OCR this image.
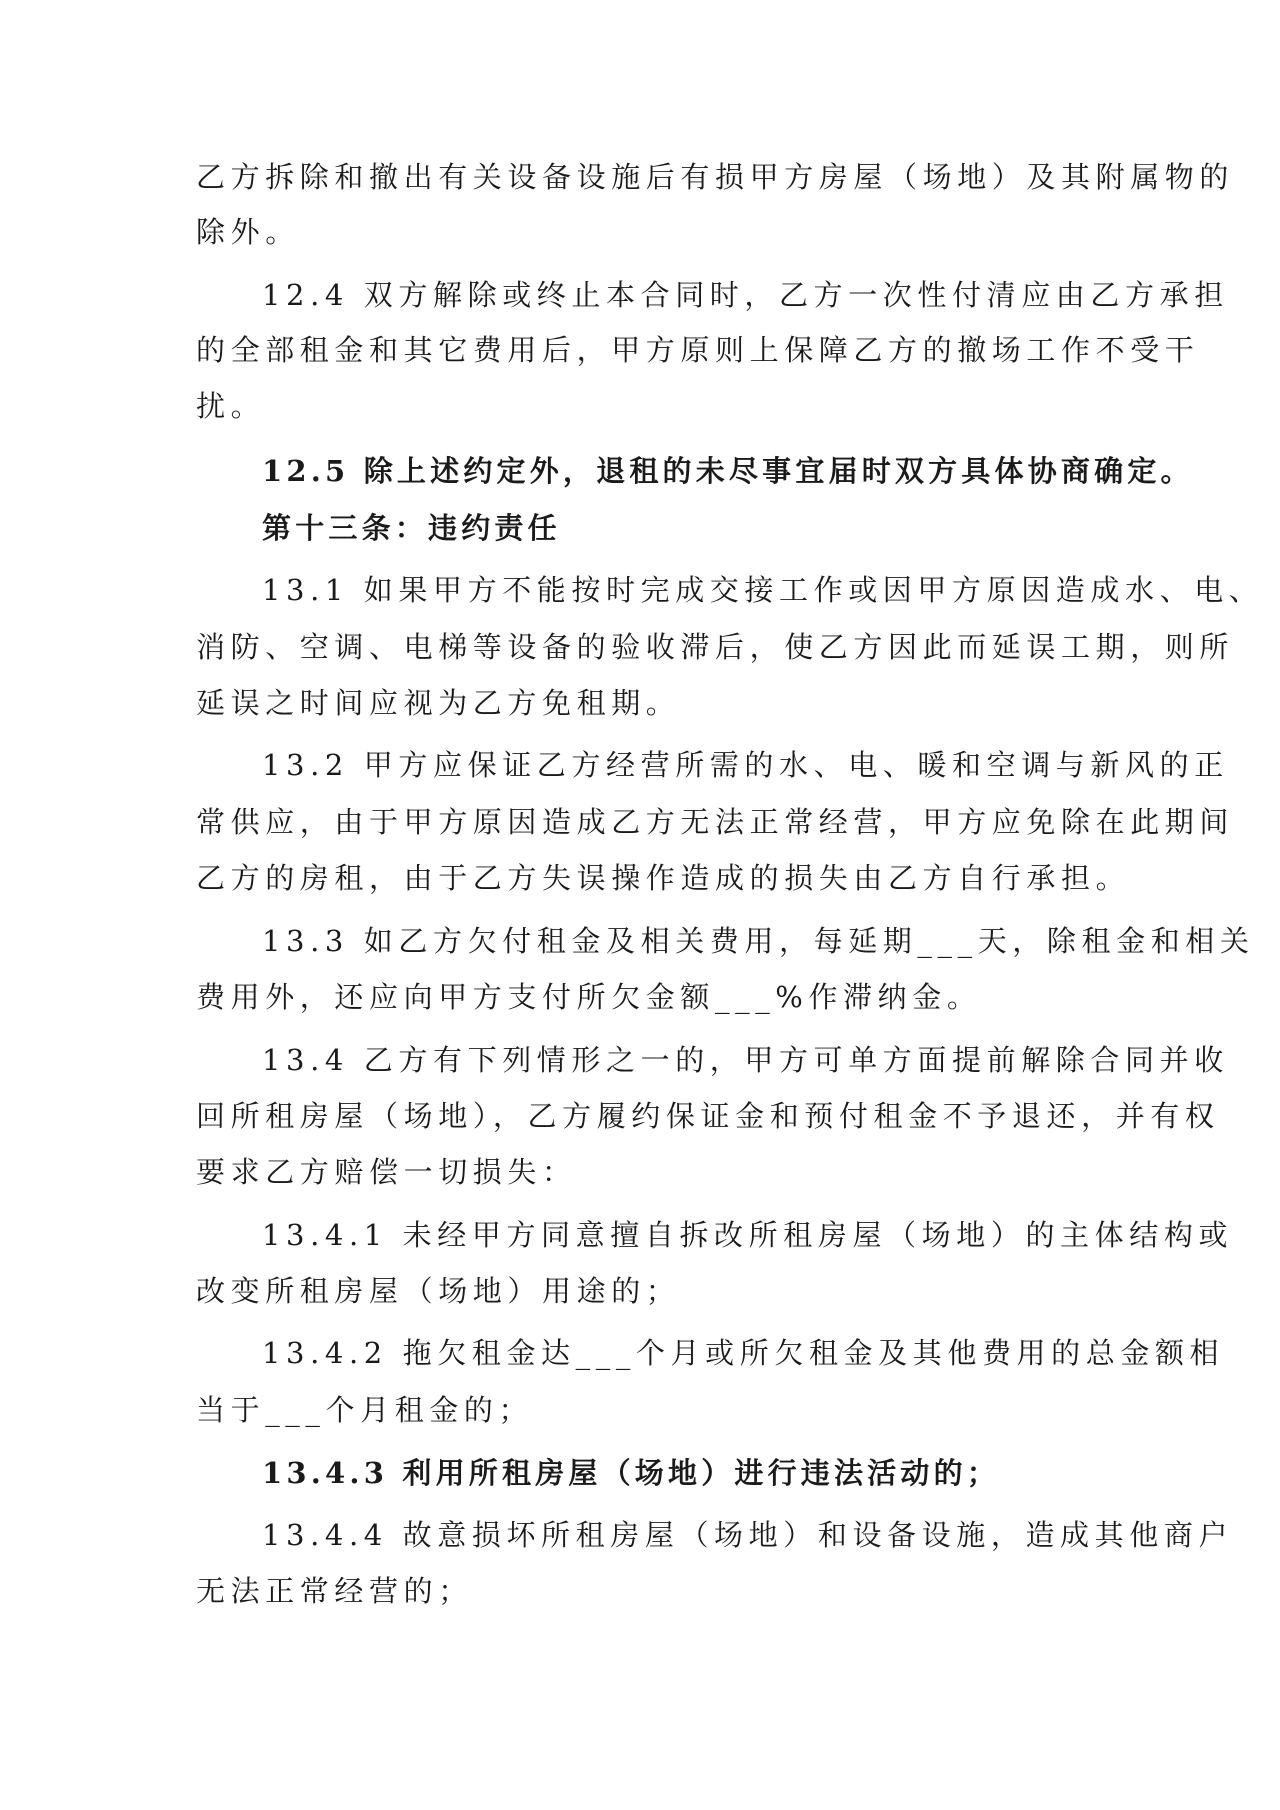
乙方拆除和撤出有关设备设施后有损甲方房屋（场地）及其附属物的
除外。
12.4 双方解除或终止本合同时，乙方一次性付清应由乙方承担
的全部租金和其它费用后，甲方原则上保障乙方的撤场工作不受干
扰。
12.5 除上述约定外，退租的未尽事宜届时双方具体协商确定。
第十三条：违约责任
13.1 如果甲方不能按时完成交接工作或因甲方原因造成水、电、
消防、空调、电梯等设备的验收滞后，使乙方因此而延误工期，则所
延误之时间应视为乙方免租期。
13.2 甲方应保证乙方经营所需的水、电、暖和空调与新风的正
常供应，由于甲方原因造成乙方无法正常经营，甲方应免除在此期间
乙方的房租，由于乙方失误操作造成的损失由乙方自行承担。
13.3 如乙方欠付租金及相关费用，每延期___天，除租金和相关
费用外，还应向甲方支付所欠金额___%作滞纳金。
13.4 乙方有下列情形之一的，甲方可单方面提前解除合同并收
回所租房屋（场地），乙方履约保证金和预付租金不予退还，并有权
要求乙方赔偿一切损失：
13.4.1 未经甲方同意擅自拆改所租房屋（场地）的主体结构或
改变所租房屋（场地）用途的；
13.4.2 拖欠租金达___个月或所欠租金及其他费用的总金额相
当于___个月租金的；
13.4.3 利用所租房屋（场地）进行违法活动的；
13.4.4 故意损坏所租房屋（场地）和设备设施，造成其他商户
无法正常经营的；
